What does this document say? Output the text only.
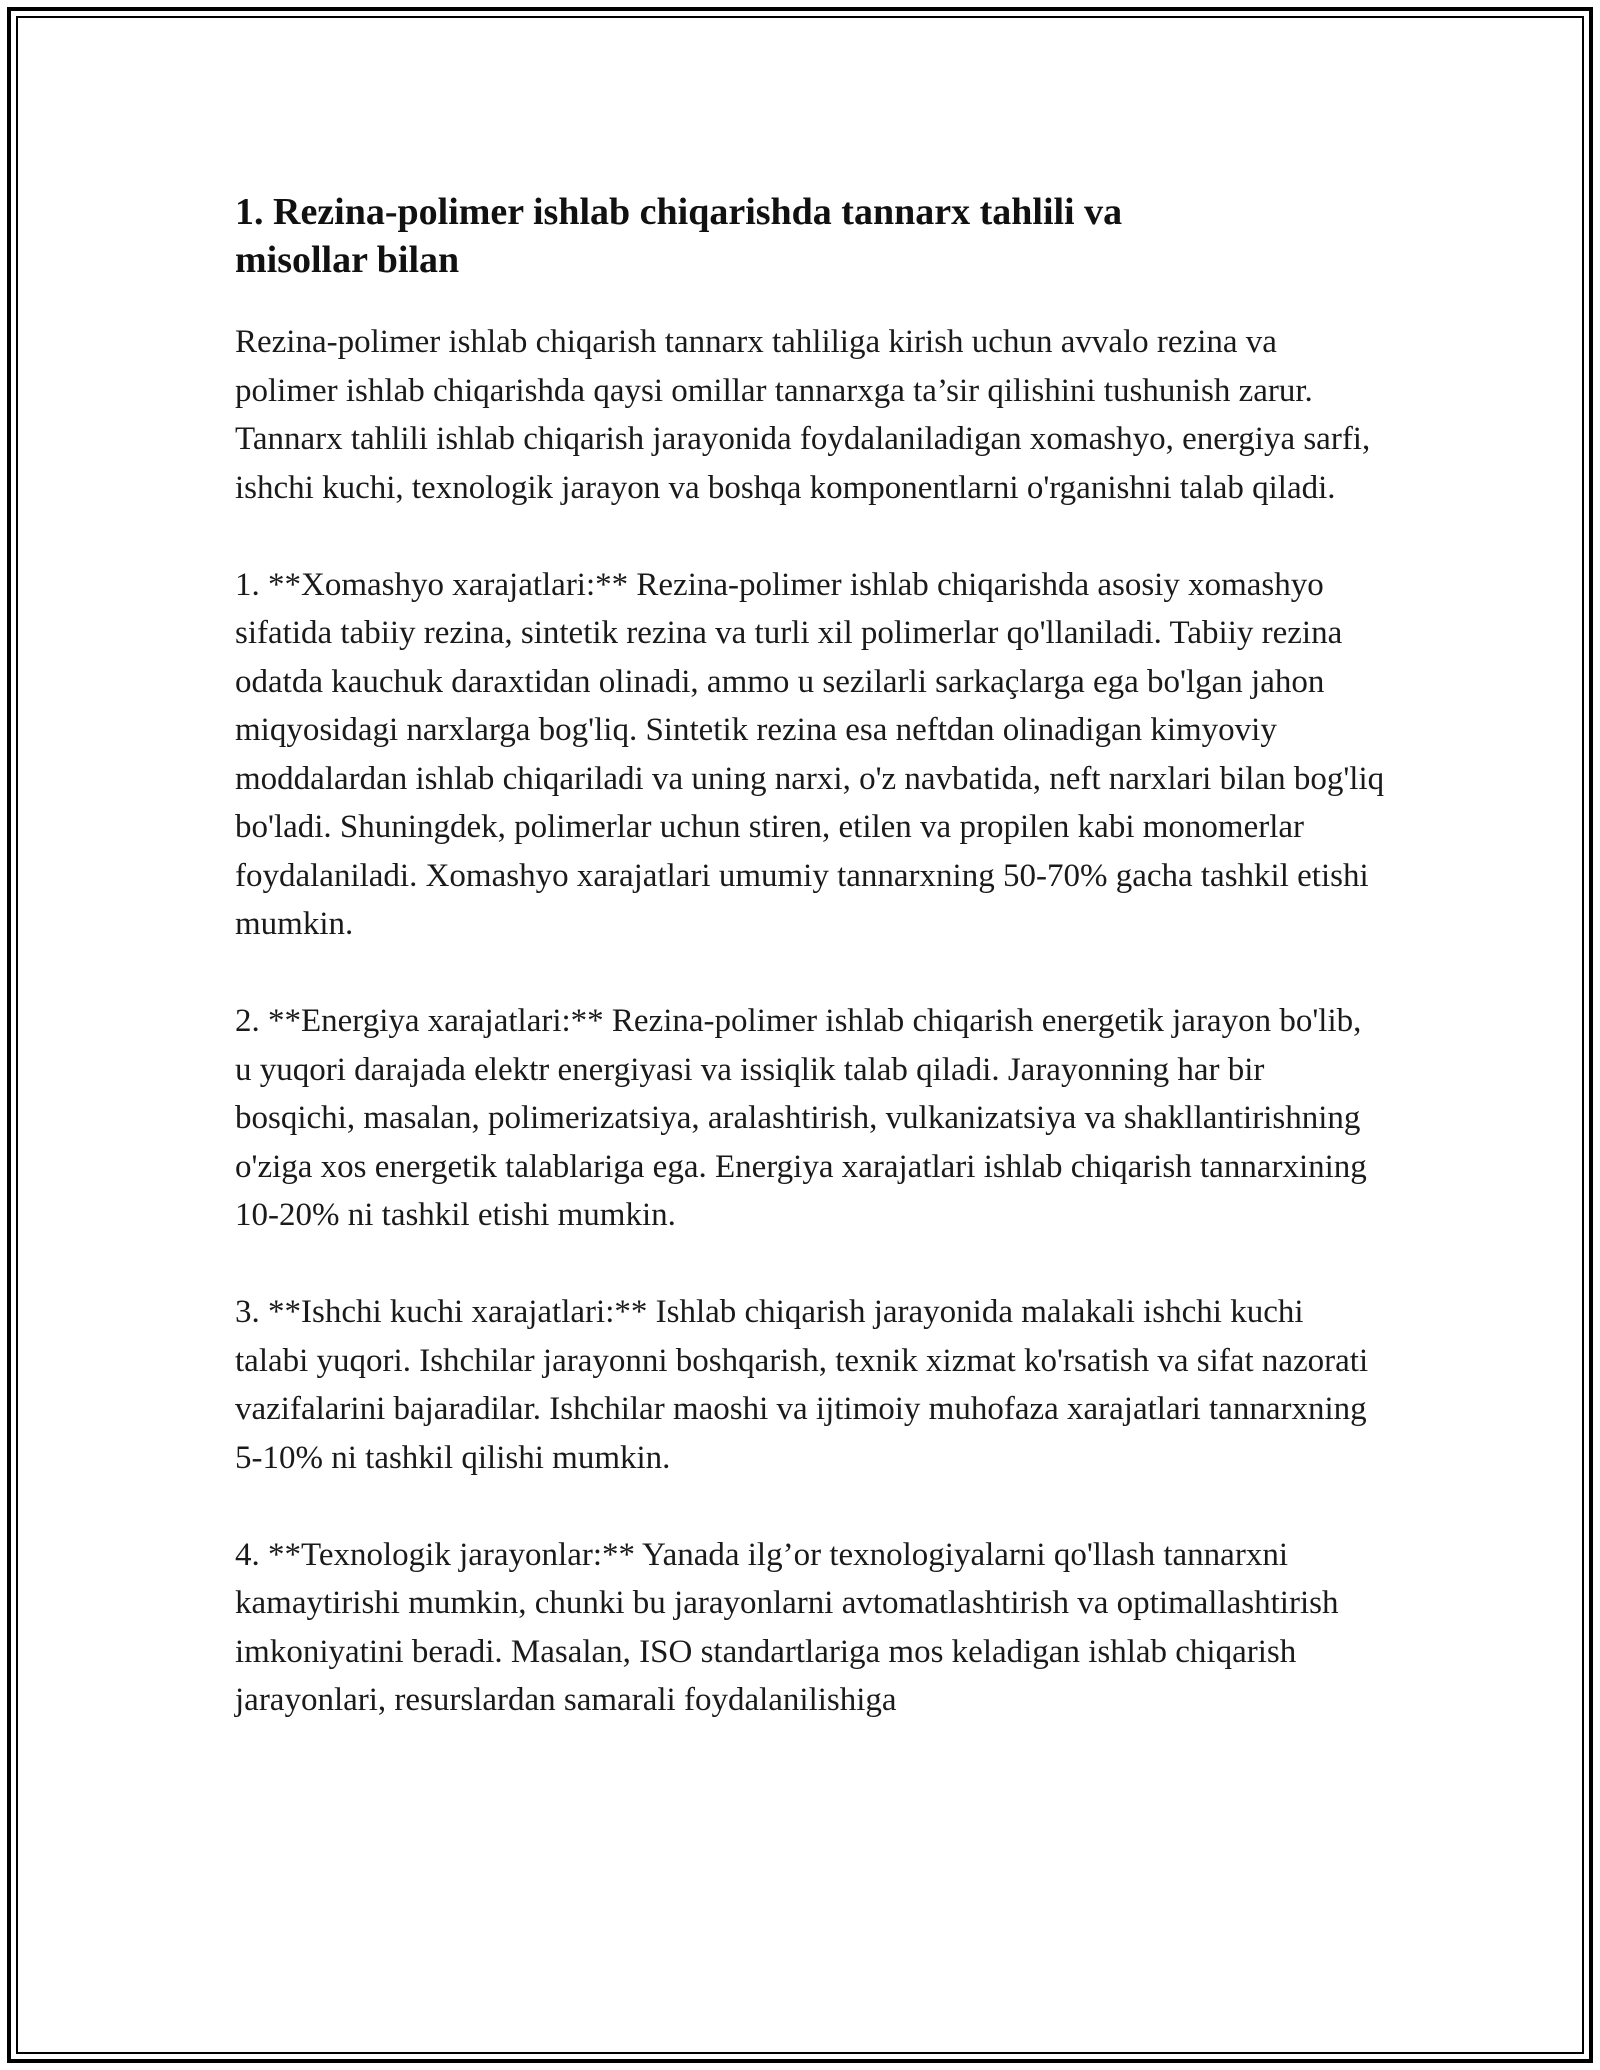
1. Rezina-polimer ishlab chiqarishda tannarx tahlili va
misollar bilan

Rezina-polimer ishlab chiqarish tannarx tahliliga kirish uchun avvalo rezina va polimer ishlab chiqarishda qaysi omillar tannarxga ta’sir qilishini tushunish zarur. Tannarx tahlili ishlab chiqarish jarayonida foydalaniladigan xomashyo, energiya sarfi, ishchi kuchi, texnologik jarayon va boshqa komponentlarni o'rganishni talab qiladi.

1. **Xomashyo xarajatlari:** Rezina-polimer ishlab chiqarishda asosiy xomashyo sifatida tabiiy rezina, sintetik rezina va turli xil polimerlar qo'llaniladi. Tabiiy rezina odatda kauchuk daraxtidan olinadi, ammo u sezilarli sarkaçlarga ega bo'lgan jahon miqyosidagi narxlarga bog'liq. Sintetik rezina esa neftdan olinadigan kimyoviy moddalardan ishlab chiqariladi va uning narxi, o'z navbatida, neft narxlari bilan bog'liq bo'ladi. Shuningdek, polimerlar uchun stiren, etilen va propilen kabi monomerlar foydalaniladi. Xomashyo xarajatlari umumiy tannarxning 50-70% gacha tashkil etishi mumkin.

2. **Energiya xarajatlari:** Rezina-polimer ishlab chiqarish energetik jarayon bo'lib, u yuqori darajada elektr energiyasi va issiqlik talab qiladi. Jarayonning har bir bosqichi, masalan, polimerizatsiya, aralashtirish, vulkanizatsiya va shakllantirishning o'ziga xos energetik talablariga ega. Energiya xarajatlari ishlab chiqarish tannarxining 10-20% ni tashkil etishi mumkin.

3. **Ishchi kuchi xarajatlari:** Ishlab chiqarish jarayonida malakali ishchi kuchi talabi yuqori. Ishchilar jarayonni boshqarish, texnik xizmat ko'rsatish va sifat nazorati vazifalarini bajaradilar. Ishchilar maoshi va ijtimoiy muhofaza xarajatlari tannarxning 5-10% ni tashkil qilishi mumkin.

4. **Texnologik jarayonlar:** Yanada ilg’or texnologiyalarni qo'llash tannarxni kamaytirishi mumkin, chunki bu jarayonlarni avtomatlashtirish va optimallashtirish imkoniyatini beradi. Masalan, ISO standartlariga mos keladigan ishlab chiqarish jarayonlari, resurslardan samarali foydalanilishiga
